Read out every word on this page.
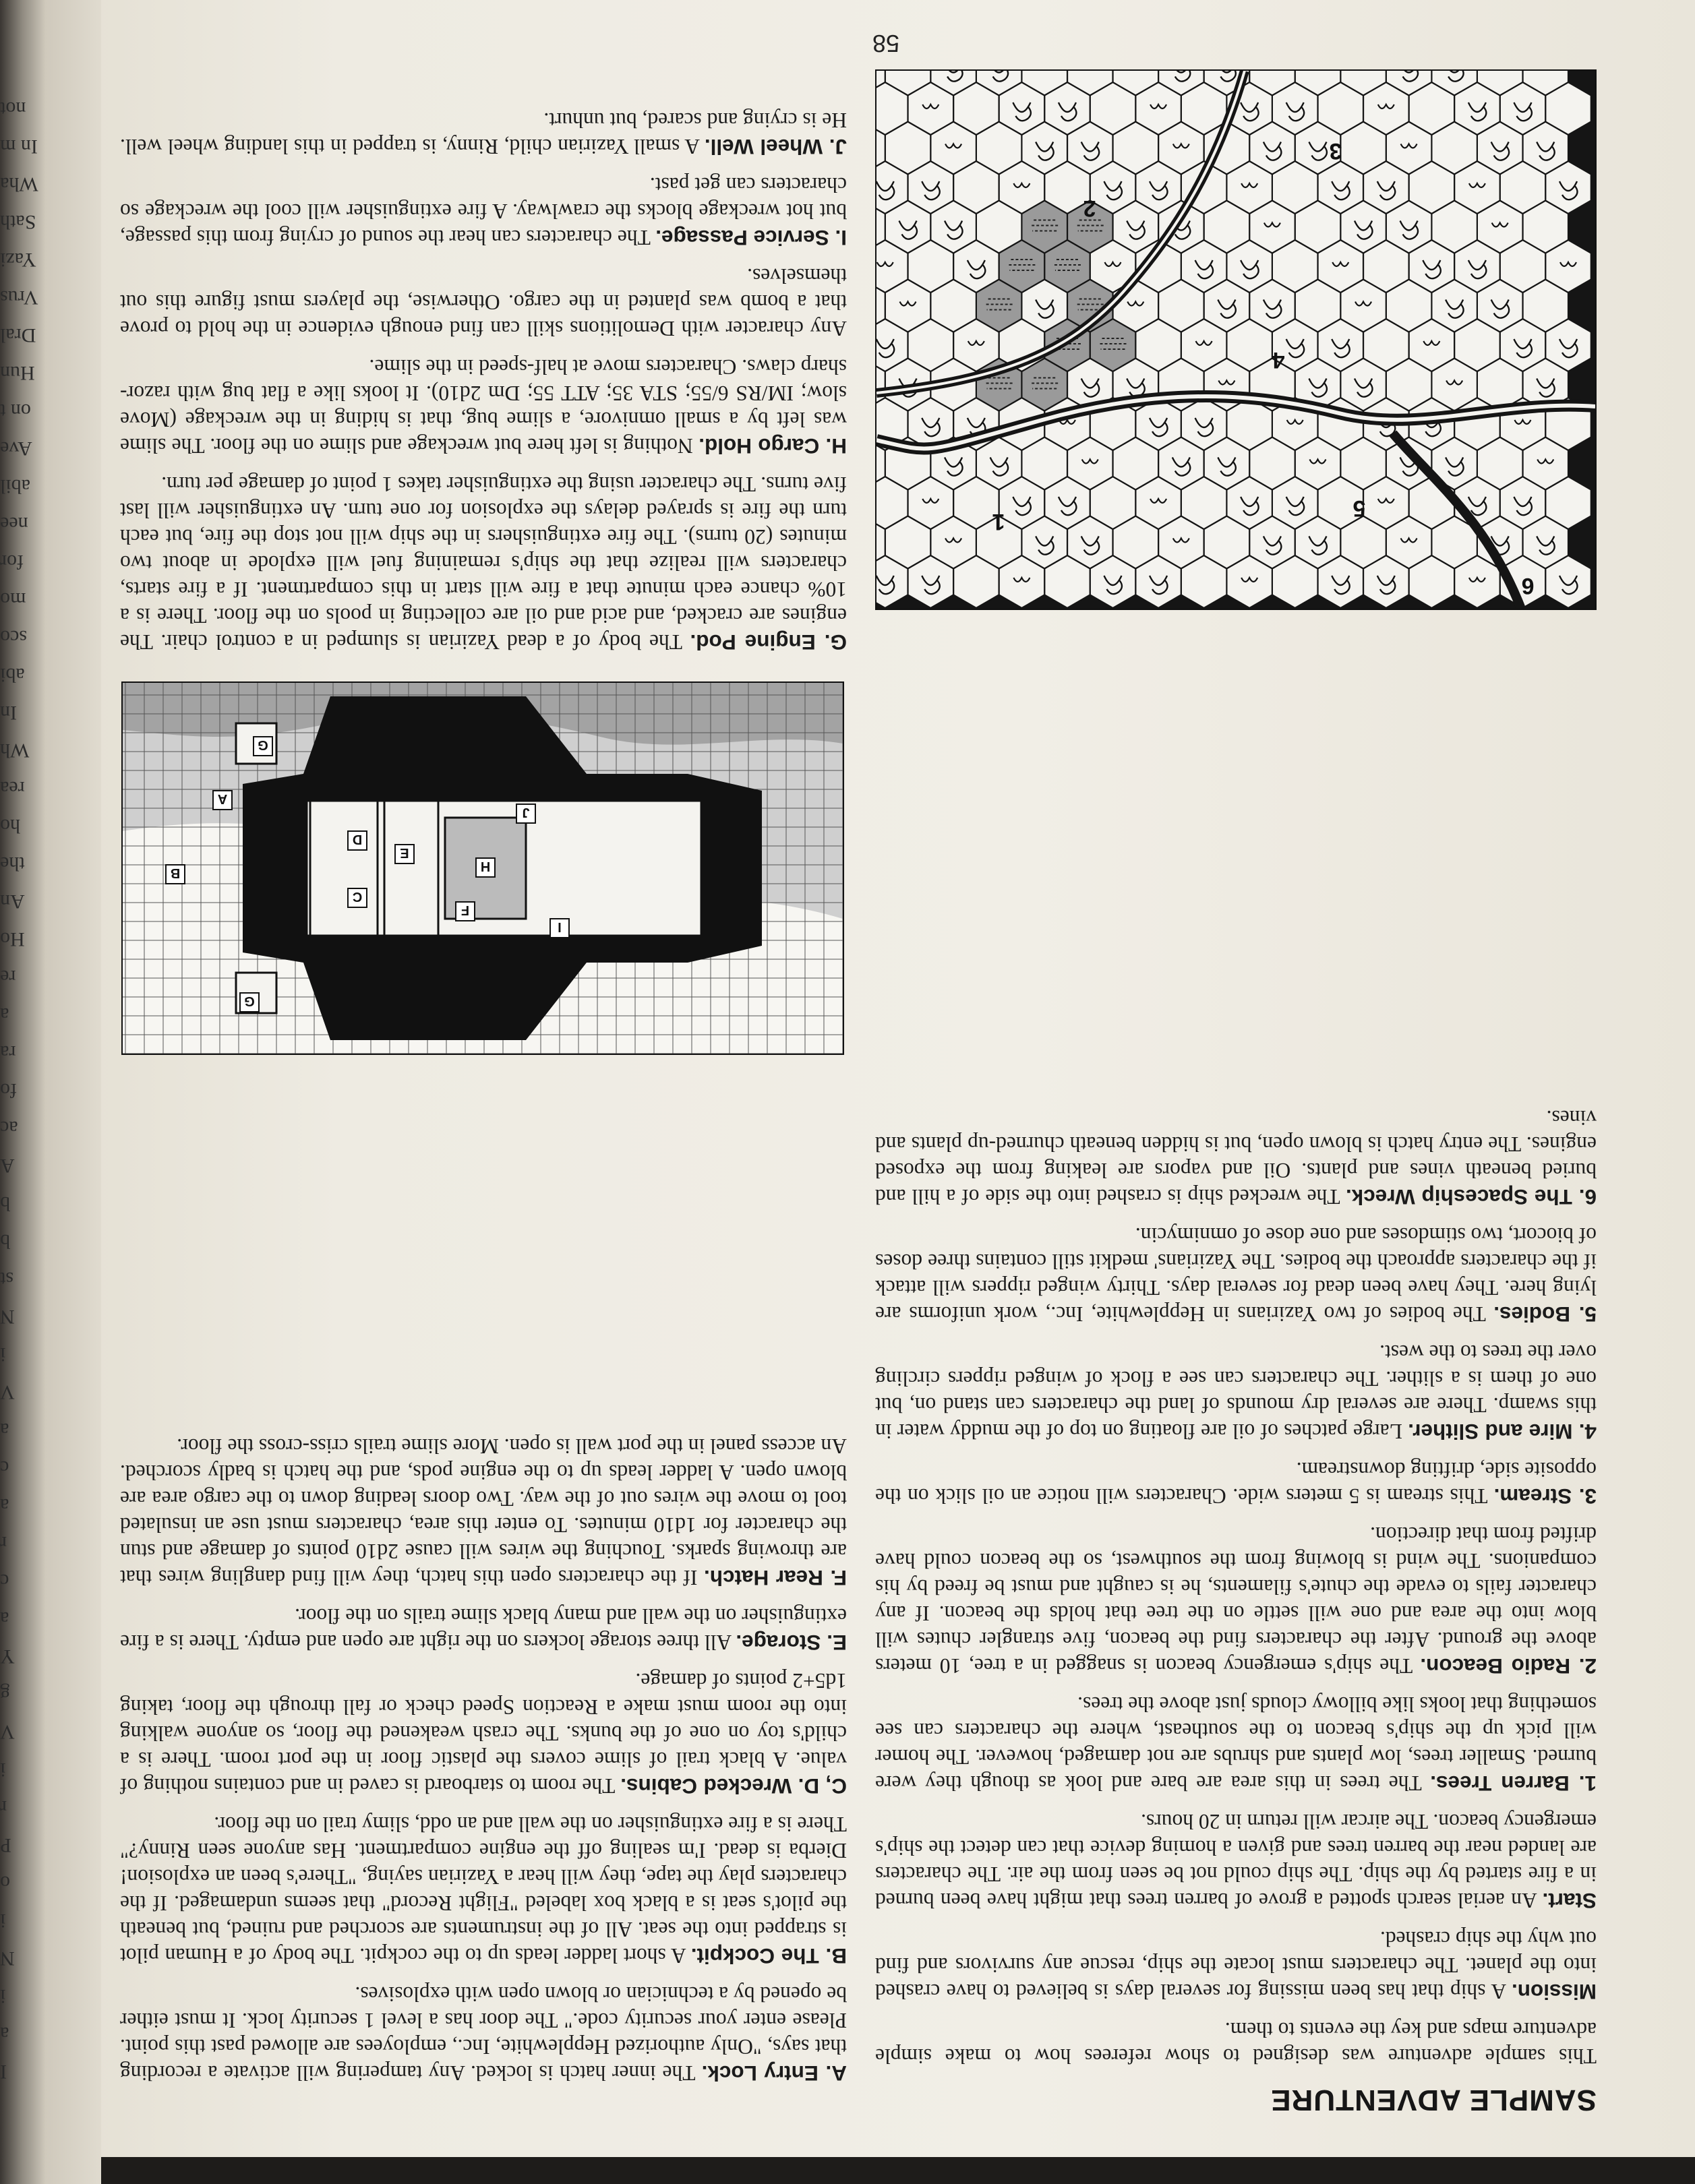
I
a
i
N
i
o
P
r
i
V
g
Y
a
c
r
a
c
a
V
i
N
st
b
b
A
ac
fo
ra
a
re
Ho
An
the
ho
rea
Wh
In
abi
sco
mo
for
nee
abil
Ave
on t
Hun
Dral
Vrus
Yazi
Sath
Wha
In m
not
SAMPLE ADVENTURE

This sample adventure was designed to show referees how to make simple adventure maps and key the events to them.

Mission. A ship that has been missing for several days is believed to have crashed into the planet. The characters must locate the ship, rescue any survivors and find out why the ship crashed.

Start. An aerial search spotted a grove of barren trees that might have been burned in a fire started by the ship. The ship could not be seen from the air. The characters are landed near the barren trees and given a homing device that can detect the ship's emergency beacon. The aircar will return in 20 hours.

1. Barren Trees. The trees in this area are bare and look as though they were burned. Smaller trees, low plants and shrubs are not damaged, however. The homer will pick up the ship's beacon to the southeast, where the characters can see something that looks like billowy clouds just above the trees.

2. Radio Beacon. The ship's emergency beacon is snagged in a tree, 10 meters above the ground. After the characters find the beacon, five strangler chutes will blow into the area and one will settle on the tree that holds the beacon. If any character fails to evade the chute's filaments, he is caught and must be freed by his companions. The wind is blowing from the southwest, so the beacon could have drifted from that direction.

3. Stream. This stream is 5 meters wide. Characters will notice an oil slick on the opposite side, drifting downstream.

4. Mire and Slither. Large patches of oil are floating on top of the muddy water in this swamp. There are several dry mounds of land the characters can stand on, but one of them is a slither. The characters can see a flock of winged rippers circling over the trees to the west.

5. Bodies. The bodies of two Yazirians in Hepplewhite, Inc., work uniforms are lying here. They have been dead for several days. Thirty winged rippers will attack if the characters approach the bodies. The Yazirians' medkit still contains three doses of biocort, two stimdoses and one dose of omnimycin.

6. The Spaceship Wreck. The wrecked ship is crashed into the side of a hill and buried beneath vines and plants. Oil and vapors are leaking from the exposed engines. The entry hatch is blown open, but is hidden beneath churned-up plants and vines.

1
2
3
4
5
6

A. Entry Lock. The inner hatch is locked. Any tampering will activate a recording that says, "Only authorized Hepplewhite, Inc., employees are allowed past this point. Please enter your security code." The door has a level 1 security lock. It must either be opened by a technician or blown open with explosives.

B. The Cockpit. A short ladder leads up to the cockpit. The body of a Human pilot is strapped into the seat. All of the instruments are scorched and ruined, but beneath the pilot's seat is a black box labeled "Flight Record" that seems undamaged. If the characters play the tape, they will hear a Yazirian saying, "There's been an explosion! Dierba is dead. I'm sealing off the engine compartment. Has anyone seen Rinny?" There is a fire extinguisher on the wall and an odd, slimy trail on the floor.

C, D. Wrecked Cabins. The room to starboard is caved in and contains nothing of value. A black trail of slime covers the plastic floor in the port room. There is a child's toy on one of the bunks. The crash weakened the floor, so anyone walking into the room must make a Reaction Speed check or fall through the floor, taking 1d5+2 points of damage.

E. Storage. All three storage lockers on the right are open and empty. There is a fire extinguisher on the wall and many black slime trails on the floor.

F. Rear Hatch. If the characters open this hatch, they will find dangling wires that are throwing sparks. Touching the wires will cause 2d10 points of damage and stun the character for 1d10 minutes. To enter this area, characters must use an insulated tool to move the wires out of the way. Two doors leading down to the cargo area are blown open. A ladder leads up to the engine pods, and the hatch is badly scorched. An access panel in the port wall is open. More slime trails criss-cross the floor.

A
B
C
D
E
F
G
G
H
I
J

G. Engine Pod. The body of a dead Yazirian is slumped in a control chair. The engines are cracked, and acid and oil are collecting in pools on the floor. There is a 10% chance each minute that a fire will start in this compartment. If a fire starts, characters will realize that the ship's remaining fuel will explode in about two minutes (20 turns). The fire extinguishers in the ship will not stop the fire, but each turn the fire is sprayed delays the explosion for one turn. An extinguisher will last five turns. The character using the extinguisher takes 1 point of damage per turn.

H. Cargo Hold. Nothing is left here but wreckage and slime on the floor. The slime was left by a small omnivore, a slime bug, that is hiding in the wreckage (Move slow; IM/RS 6/55; STA 35; ATT 55; Dm 2d10). It looks like a flat bug with razor-sharp claws. Characters move at half-speed in the slime.

Any character with Demolitions skill can find enough evidence in the hold to prove that a bomb was planted in the cargo. Otherwise, the players must figure this out themselves.

I. Service Passage. The characters can hear the sound of crying from this passage, but hot wreckage blocks the crawlway. A fire extinguisher will cool the wreckage so characters can get past.

J. Wheel Well. A small Yazirian child, Rinny, is trapped in this landing wheel well. He is crying and scared, but unhurt.

58
